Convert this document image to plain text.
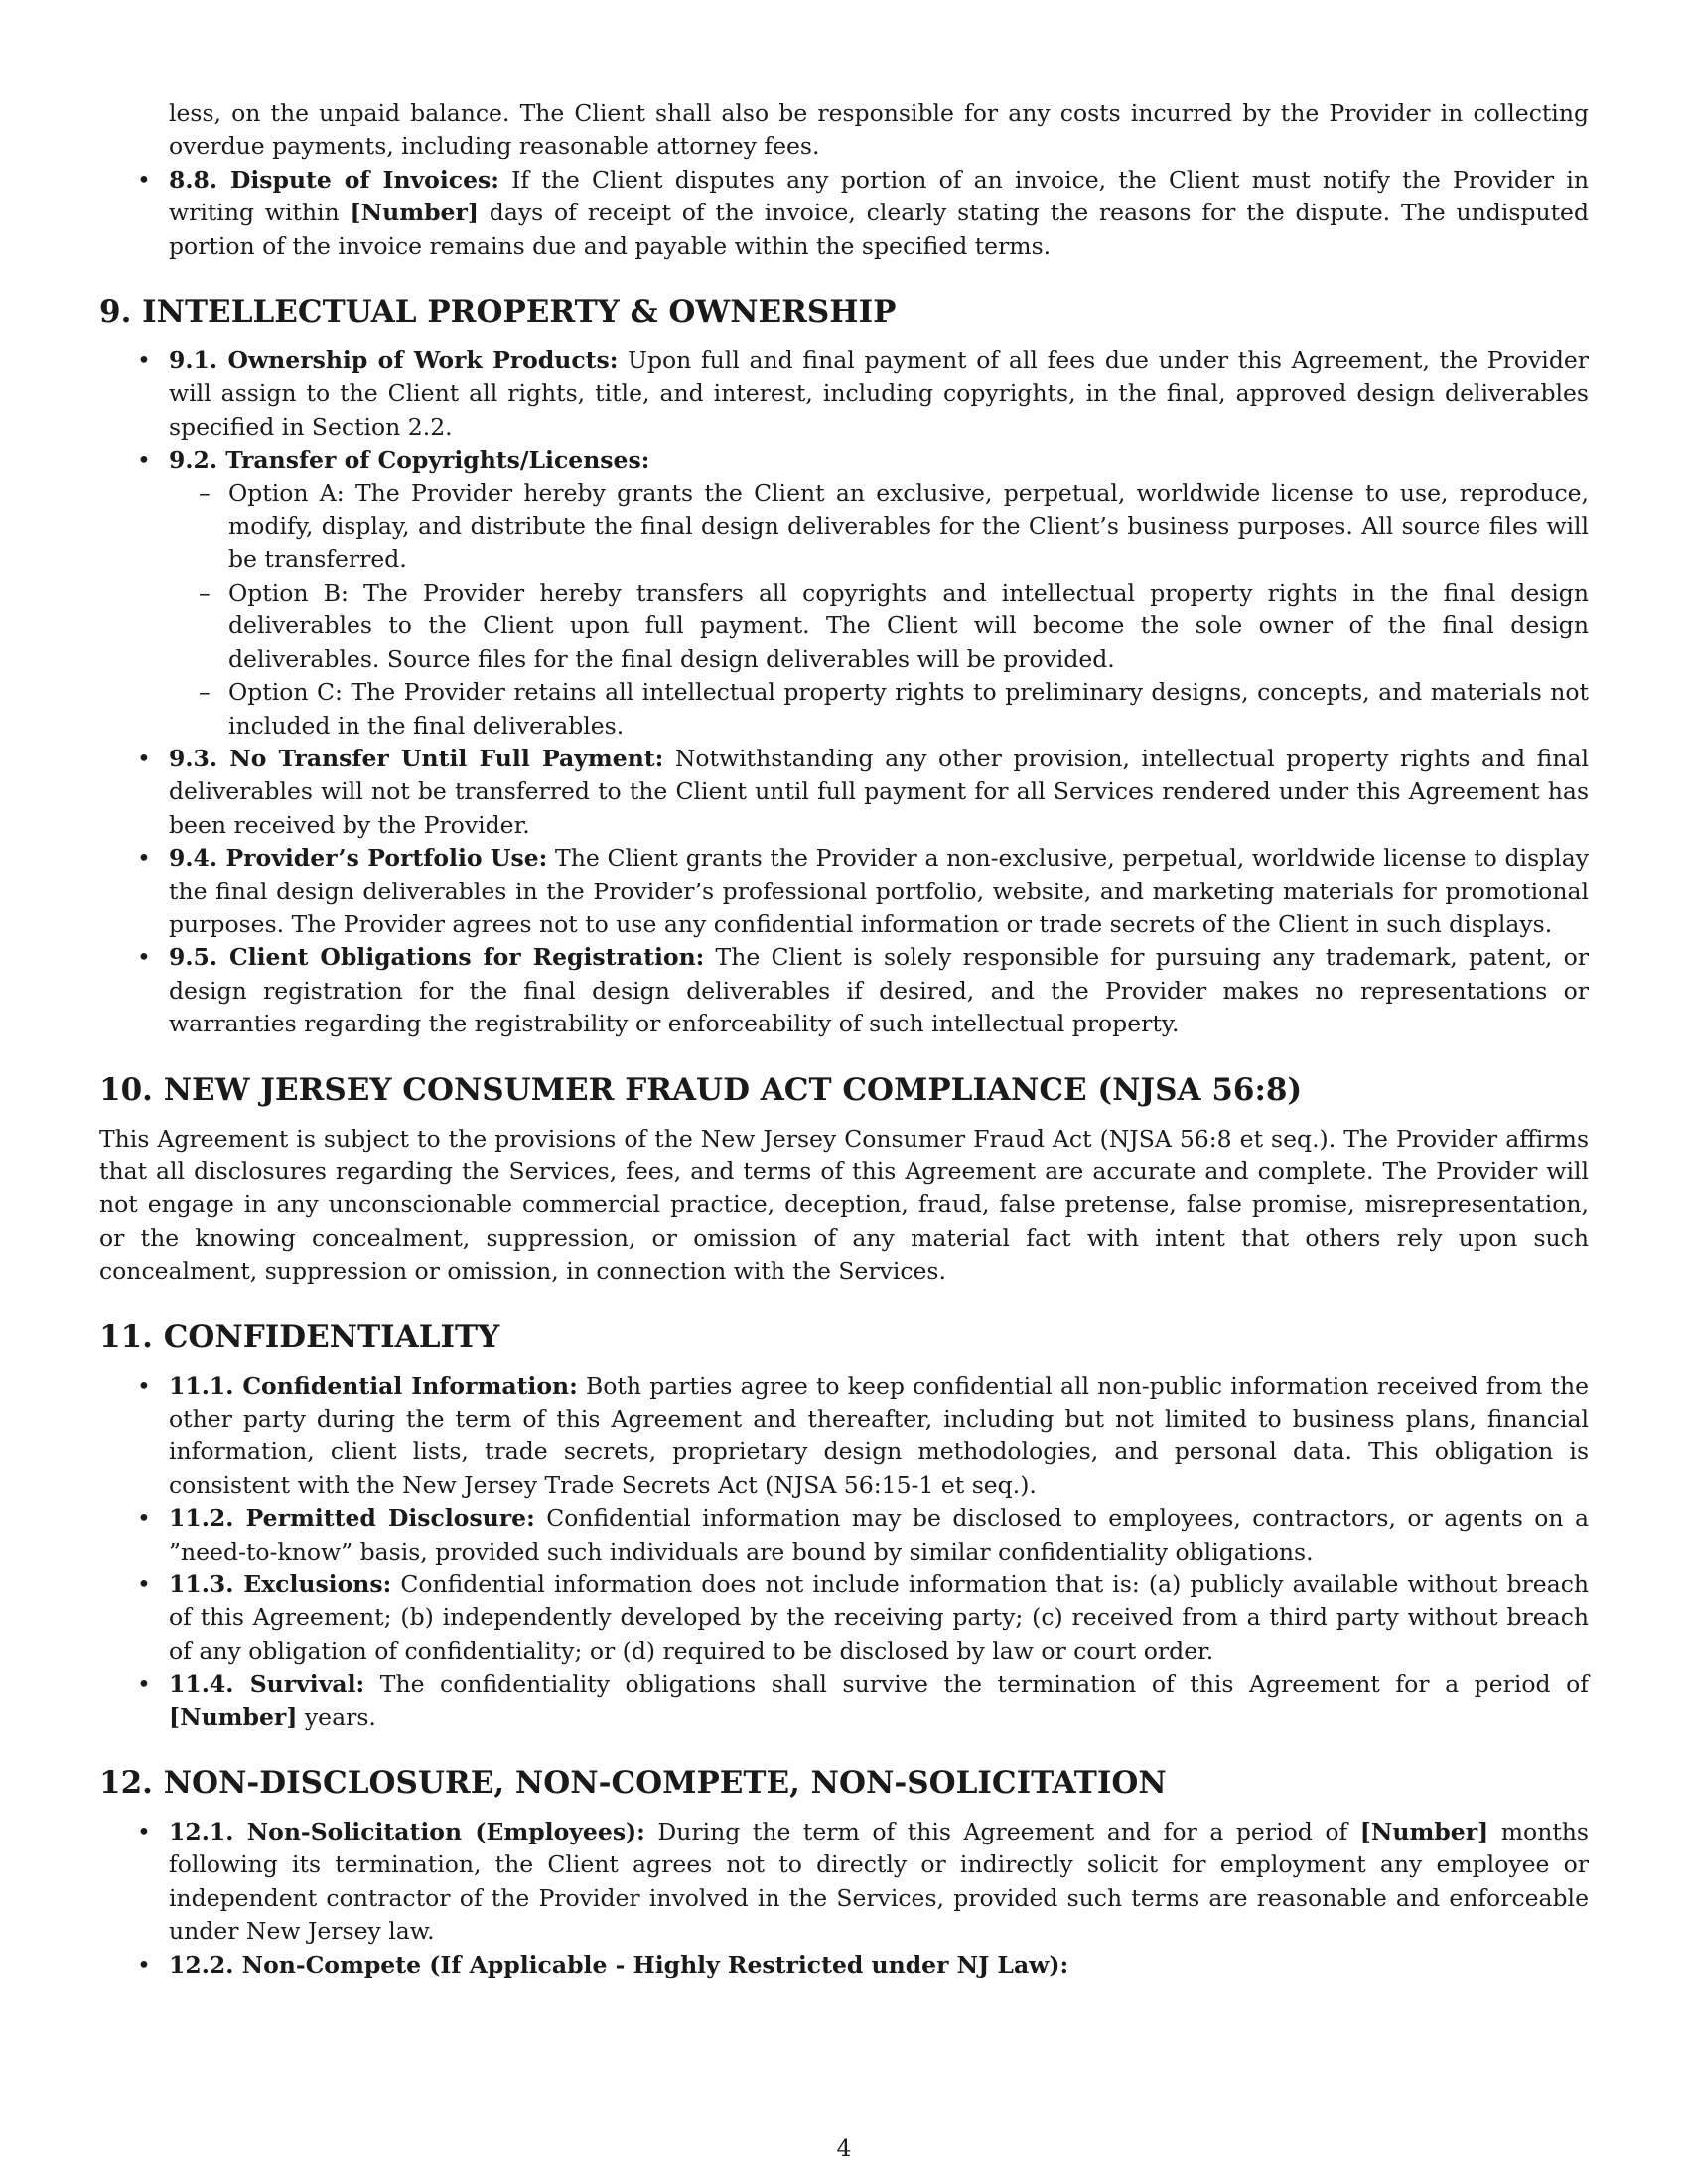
less, on the unpaid balance. The Client shall also be responsible for any costs incurred by the Provider in collecting overdue payments, including reasonable attorney fees.

• 8.8. Dispute of Invoices: If the Client disputes any portion of an invoice, the Client must notify the Provider in writing within [Number] days of receipt of the invoice, clearly stating the reasons for the dispute. The undisputed portion of the invoice remains due and payable within the specified terms.

9. INTELLECTUAL PROPERTY & OWNERSHIP

• 9.1. Ownership of Work Products: Upon full and final payment of all fees due under this Agreement, the Provider will assign to the Client all rights, title, and interest, including copyrights, in the final, approved design deliverables specified in Section 2.2.

• 9.2. Transfer of Copyrights/Licenses:

– Option A: The Provider hereby grants the Client an exclusive, perpetual, worldwide license to use, reproduce, modify, display, and distribute the final design deliverables for the Client’s business purposes. All source files will be transferred.

– Option B: The Provider hereby transfers all copyrights and intellectual property rights in the final design deliverables to the Client upon full payment. The Client will become the sole owner of the final design deliverables. Source files for the final design deliverables will be provided.

– Option C: The Provider retains all intellectual property rights to preliminary designs, concepts, and materials not included in the final deliverables.

• 9.3. No Transfer Until Full Payment: Notwithstanding any other provision, intellectual property rights and final deliverables will not be transferred to the Client until full payment for all Services rendered under this Agreement has been received by the Provider.

• 9.4. Provider’s Portfolio Use: The Client grants the Provider a non-exclusive, perpetual, worldwide license to display the final design deliverables in the Provider’s professional portfolio, website, and marketing materials for promotional purposes. The Provider agrees not to use any confidential information or trade secrets of the Client in such displays.

• 9.5. Client Obligations for Registration: The Client is solely responsible for pursuing any trademark, patent, or design registration for the final design deliverables if desired, and the Provider makes no representations or warranties regarding the registrability or enforceability of such intellectual property.

10. NEW JERSEY CONSUMER FRAUD ACT COMPLIANCE (NJSA 56:8)

This Agreement is subject to the provisions of the New Jersey Consumer Fraud Act (NJSA 56:8 et seq.). The Provider affirms that all disclosures regarding the Services, fees, and terms of this Agreement are accurate and complete. The Provider will not engage in any unconscionable commercial practice, deception, fraud, false pretense, false promise, misrepresentation, or the knowing concealment, suppression, or omission of any material fact with intent that others rely upon such concealment, suppression or omission, in connection with the Services.

11. CONFIDENTIALITY

• 11.1. Confidential Information: Both parties agree to keep confidential all non-public information received from the other party during the term of this Agreement and thereafter, including but not limited to business plans, financial information, client lists, trade secrets, proprietary design methodologies, and personal data. This obligation is consistent with the New Jersey Trade Secrets Act (NJSA 56:15-1 et seq.).

• 11.2. Permitted Disclosure: Confidential information may be disclosed to employees, contractors, or agents on a ”need-to-know” basis, provided such individuals are bound by similar confidentiality obligations.

• 11.3. Exclusions: Confidential information does not include information that is: (a) publicly available without breach of this Agreement; (b) independently developed by the receiving party; (c) received from a third party without breach of any obligation of confidentiality; or (d) required to be disclosed by law or court order.

• 11.4. Survival: The confidentiality obligations shall survive the termination of this Agreement for a period of [Number] years.

12. NON-DISCLOSURE, NON-COMPETE, NON-SOLICITATION

• 12.1. Non-Solicitation (Employees): During the term of this Agreement and for a period of [Number] months following its termination, the Client agrees not to directly or indirectly solicit for employment any employee or independent contractor of the Provider involved in the Services, provided such terms are reasonable and enforceable under New Jersey law.

• 12.2. Non-Compete (If Applicable - Highly Restricted under NJ Law):

4
